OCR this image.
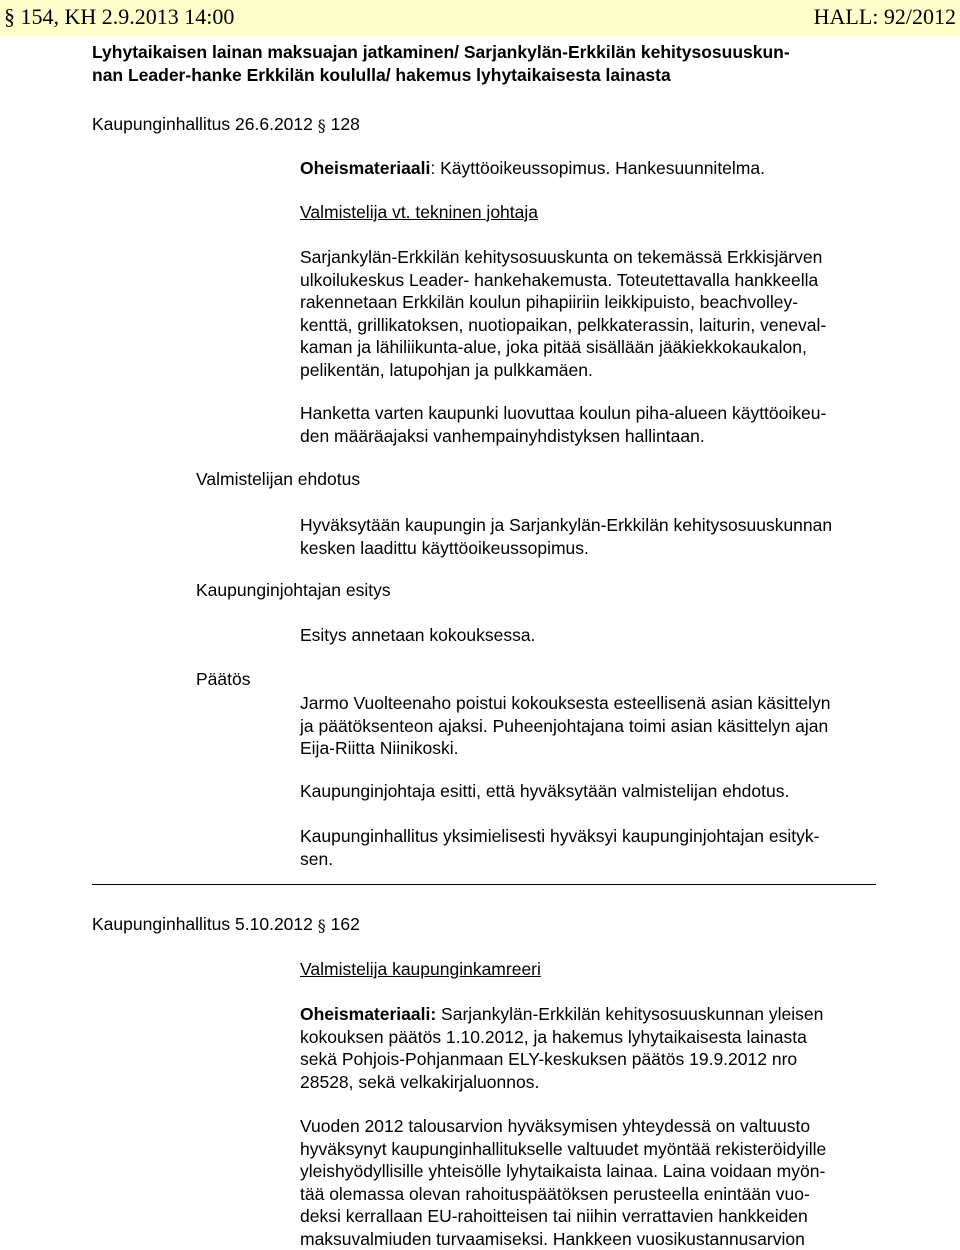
§ 154, KH 2.9.2013 14:00	HALL: 92/2012
Lyhytaikaisen lainan maksuajan jatkaminen/ Sarjankylän-Erkkilän kehitysosuuskun-
nan Leader-hanke Erkkilän koululla/ hakemus lyhytaikaisesta lainasta
Kaupunginhallitus 26.6.2012 § 128
Oheismateriaali: Käyttöoikeussopimus. Hankesuunnitelma.
Valmistelija vt. tekninen johtaja
Sarjankylän-Erkkilän kehitysosuuskunta on tekemässä Erkkisjärven
ulkoilukeskus Leader- hankehakemusta. Toteutettavalla hankkeella
rakennetaan Erkkilän koulun pihapiiriin leikkipuisto, beachvolley-
kenttä, grillikatoksen, nuotiopaikan, pelkkaterassin, laiturin, veneval-
kaman ja lähiliikunta-alue, joka pitää sisällään jääkiekkokaukalon,
pelikentän, latupohjan ja pulkkamäen.
Hanketta varten kaupunki luovuttaa koulun piha-alueen käyttöoikeu-
den määräajaksi vanhempainyhdistyksen hallintaan.
Valmistelijan ehdotus
Hyväksytään kaupungin ja Sarjankylän-Erkkilän kehitysosuuskunnan
kesken laadittu käyttöoikeussopimus.
Kaupunginjohtajan esitys
Esitys annetaan kokouksessa.
Päätös
Jarmo Vuolteenaho poistui kokouksesta esteellisenä asian käsittelyn
ja päätöksenteon ajaksi. Puheenjohtajana toimi asian käsittelyn ajan
Eija-Riitta Niinikoski.
Kaupunginjohtaja esitti, että hyväksytään valmistelijan ehdotus.
Kaupunginhallitus yksimielisesti hyväksyi kaupunginjohtajan esityk-
sen.
Kaupunginhallitus 5.10.2012 § 162
Valmistelija kaupunginkamreeri
Oheismateriaali: Sarjankylän-Erkkilän kehitysosuuskunnan yleisen
kokouksen päätös 1.10.2012, ja hakemus lyhytaikaisesta lainasta
sekä Pohjois-Pohjanmaan ELY-keskuksen päätös 19.9.2012 nro
28528, sekä velkakirjaluonnos.
Vuoden 2012 talousarvion hyväksymisen yhteydessä on valtuusto
hyväksynyt kaupunginhallitukselle valtuudet myöntää rekisteröidyille
yleishyödyllisille yhteisölle lyhytaikaista lainaa. Laina voidaan myön-
tää olemassa olevan rahoituspäätöksen perusteella enintään vuo-
deksi kerrallaan EU-rahoitteisen tai niihin verrattavien hankkeiden
maksuvalmiuden turvaamiseksi. Hankkeen vuosikustannusarvion
